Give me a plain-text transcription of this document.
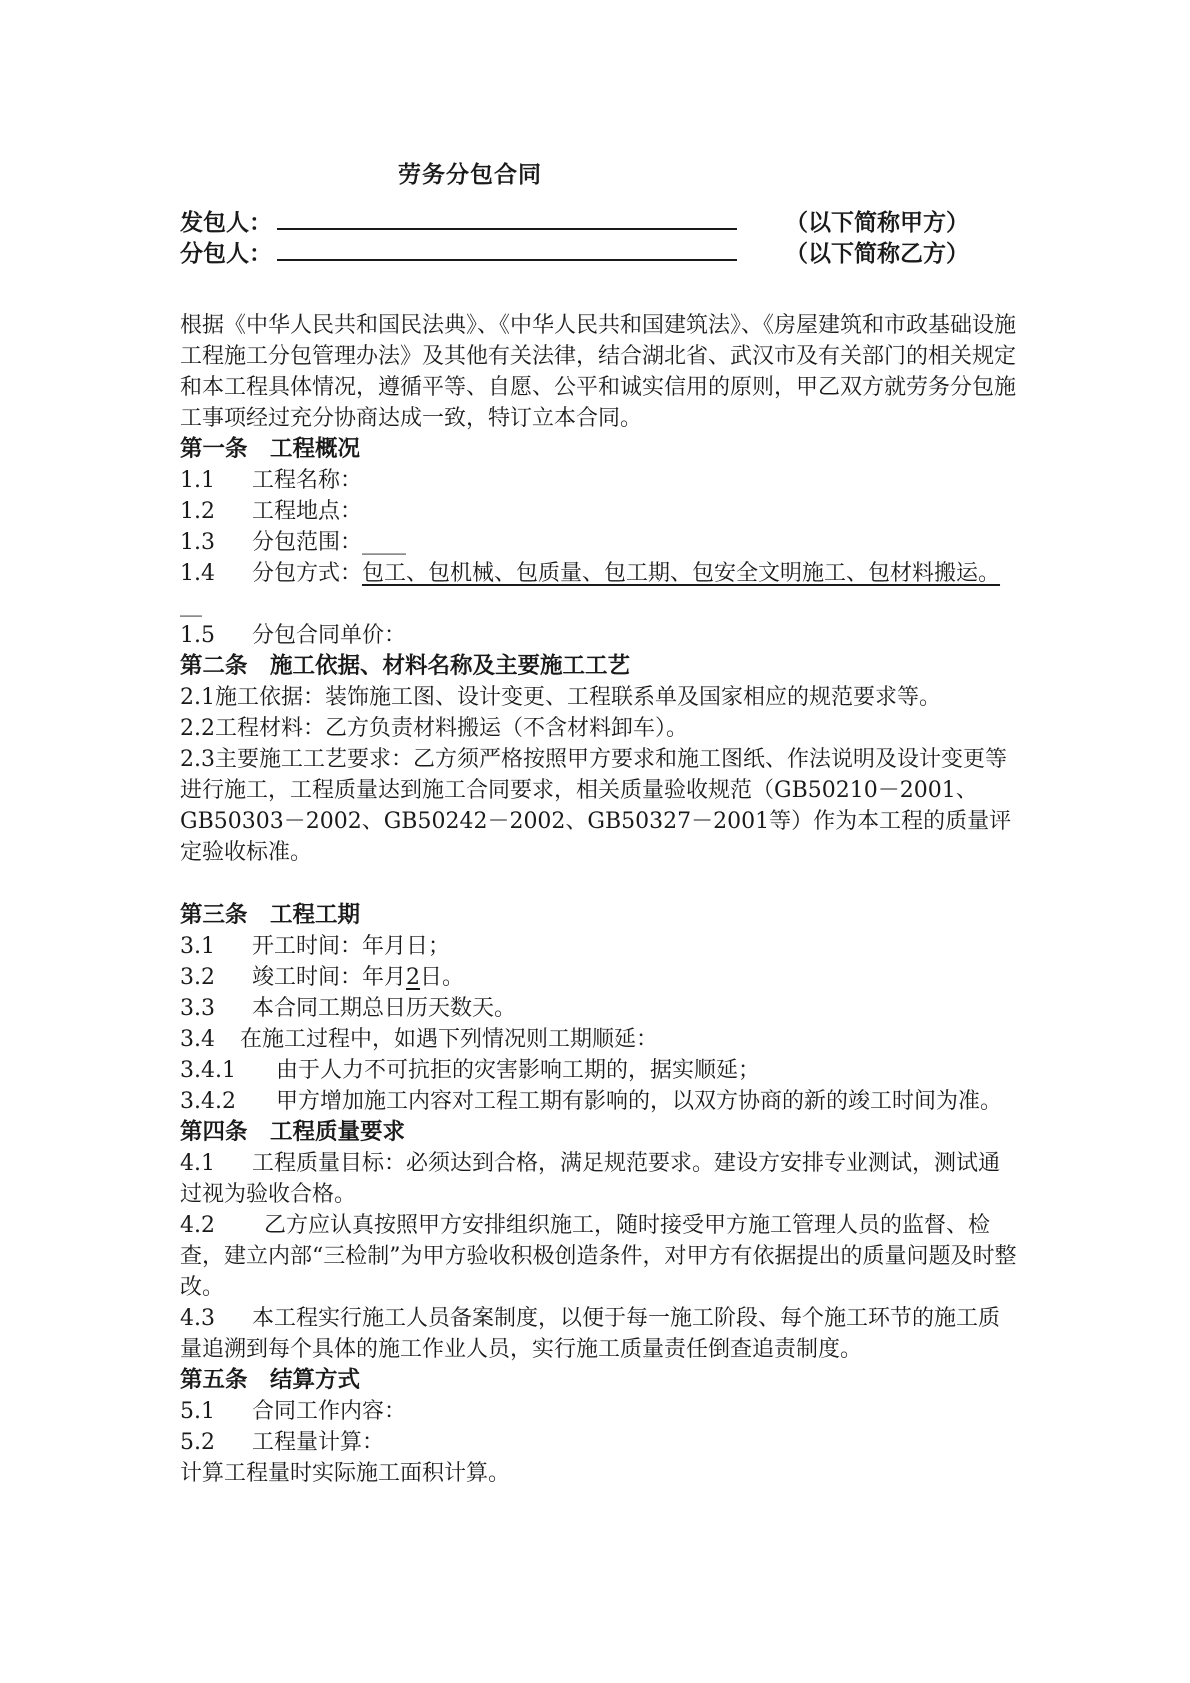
劳务分包合同
发包人：	（以下简称甲方）
分包人：	（以下简称乙方）

根据《中华人民共和国民法典》、《中华人民共和国建筑法》、《房屋建筑和市政基础设施工程施工分包管理办法》及其他有关法律，结合湖北省、武汉市及有关部门的相关规定和本工程具体情况，遵循平等、自愿、公平和诚实信用的原则，甲乙双方就劳务分包施工事项经过充分协商达成一致，特订立本合同。

第一条　工程概况

1.1 工程名称：

1.2 工程地点：

1.3 分包范围：____

1.4 分包方式：包工、包机械、包质量、包工期、包安全文明施工、包材料搬运。

__

1.5 分包合同单价：

第二条　施工依据、材料名称及主要施工工艺

2.1施工依据：装饰施工图、设计变更、工程联系单及国家相应的规范要求等。

2.2工程材料：乙方负责材料搬运（不含材料卸车）。

2.3主要施工工艺要求：乙方须严格按照甲方要求和施工图纸、作法说明及设计变更等进行施工，工程质量达到施工合同要求，相关质量验收规范（GB50210－2001、GB50303－2002、GB50242－2002、GB50327－2001等）作为本工程的质量评定验收标准。

第三条　工程工期

3.1 开工时间：年月日；

3.2 竣工时间：年月2日。

3.3 本合同工期总日历天数天。

3.4 在施工过程中，如遇下列情况则工期顺延：

3.4.1 由于人力不可抗拒的灾害影响工期的，据实顺延；

3.4.2 甲方增加施工内容对工程工期有影响的，以双方协商的新的竣工时间为准。

第四条　工程质量要求

4.1 工程质量目标：必须达到合格，满足规范要求。建设方安排专业测试，测试通过视为验收合格。

4.2 乙方应认真按照甲方安排组织施工，随时接受甲方施工管理人员的监督、检查，建立内部“三检制”为甲方验收积极创造条件，对甲方有依据提出的质量问题及时整改。

4.3 本工程实行施工人员备案制度，以便于每一施工阶段、每个施工环节的施工质量追溯到每个具体的施工作业人员，实行施工质量责任倒查追责制度。

第五条　结算方式

5.1 合同工作内容：

5.2 工程量计算：

计算工程量时实际施工面积计算。
